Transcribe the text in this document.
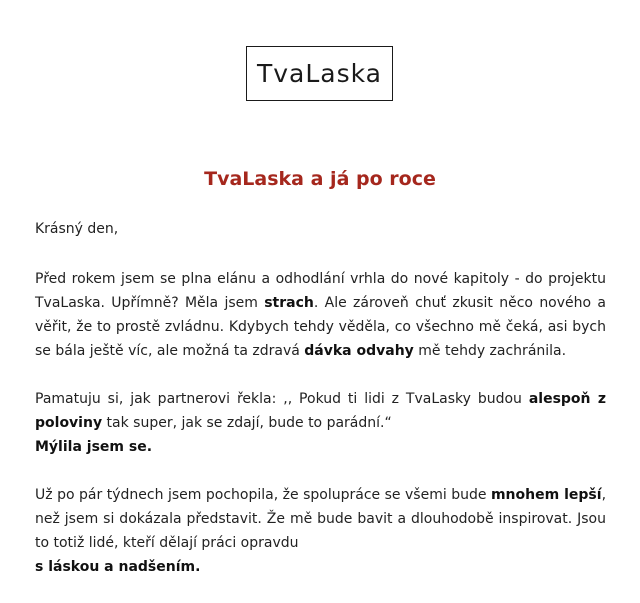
TvaLaska
TvaLaska a já po roce

Krásný den,

Před rokem jsem se plna elánu a odhodlání vrhla do nové kapitoly - do projektu TvaLaska. Upřímně? Měla jsem strach. Ale zároveň chuť zkusit něco nového a věřit, že to prostě zvládnu. Kdybych tehdy věděla, co všechno mě čeká, asi bych se bála ještě víc, ale možná ta zdravá dávka odvahy mě tehdy zachránila.

Pamatuju si, jak partnerovi řekla: ,, Pokud ti lidi z TvaLasky budou alespoň z poloviny tak super, jak se zdají, bude to parádní.“
Mýlila jsem se.

Už po pár týdnech jsem pochopila, že spolupráce se všemi bude mnohem lepší, než jsem si dokázala představit. Že mě bude bavit a dlouhodobě inspirovat. Jsou to totiž lidé, kteří dělají práci opravdu
s láskou a nadšením.
